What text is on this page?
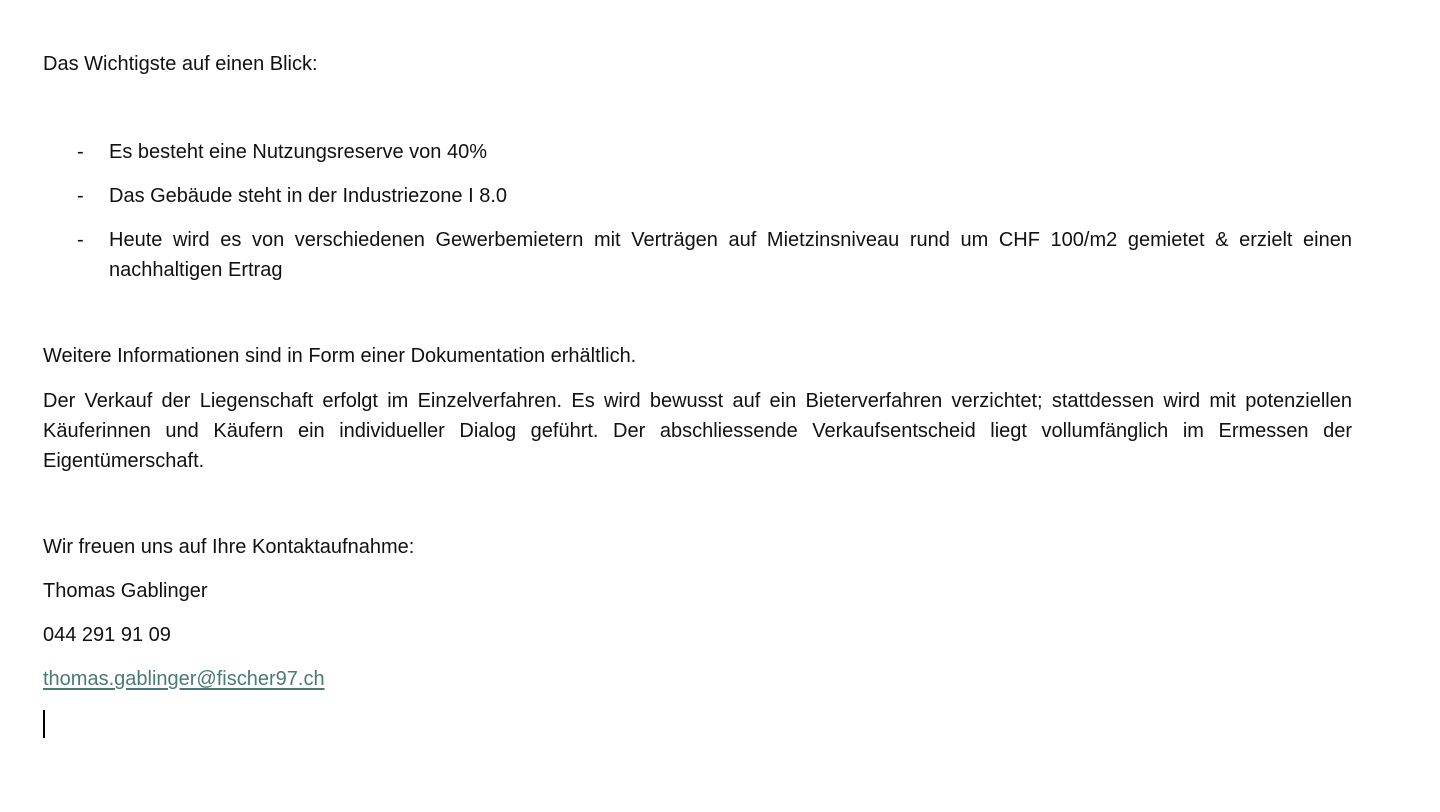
Das Wichtigste auf einen Blick:

- Es besteht eine Nutzungsreserve von 40%
- Das Gebäude steht in der Industriezone I 8.0
- Heute wird es von verschiedenen Gewerbemietern mit Verträgen auf Mietzinsniveau rund um CHF 100/m2 gemietet & erzielt einen nachhaltigen Ertrag

Weitere Informationen sind in Form einer Dokumentation erhältlich.

Der Verkauf der Liegenschaft erfolgt im Einzelverfahren. Es wird bewusst auf ein Bieterverfahren verzichtet; stattdessen wird mit potenziellen Käuferinnen und Käufern ein individueller Dialog geführt. Der abschliessende Verkaufsentscheid liegt vollumfänglich im Ermessen der Eigentümerschaft.

Wir freuen uns auf Ihre Kontaktaufnahme:

Thomas Gablinger

044 291 91 09

thomas.gablinger@fischer97.ch
